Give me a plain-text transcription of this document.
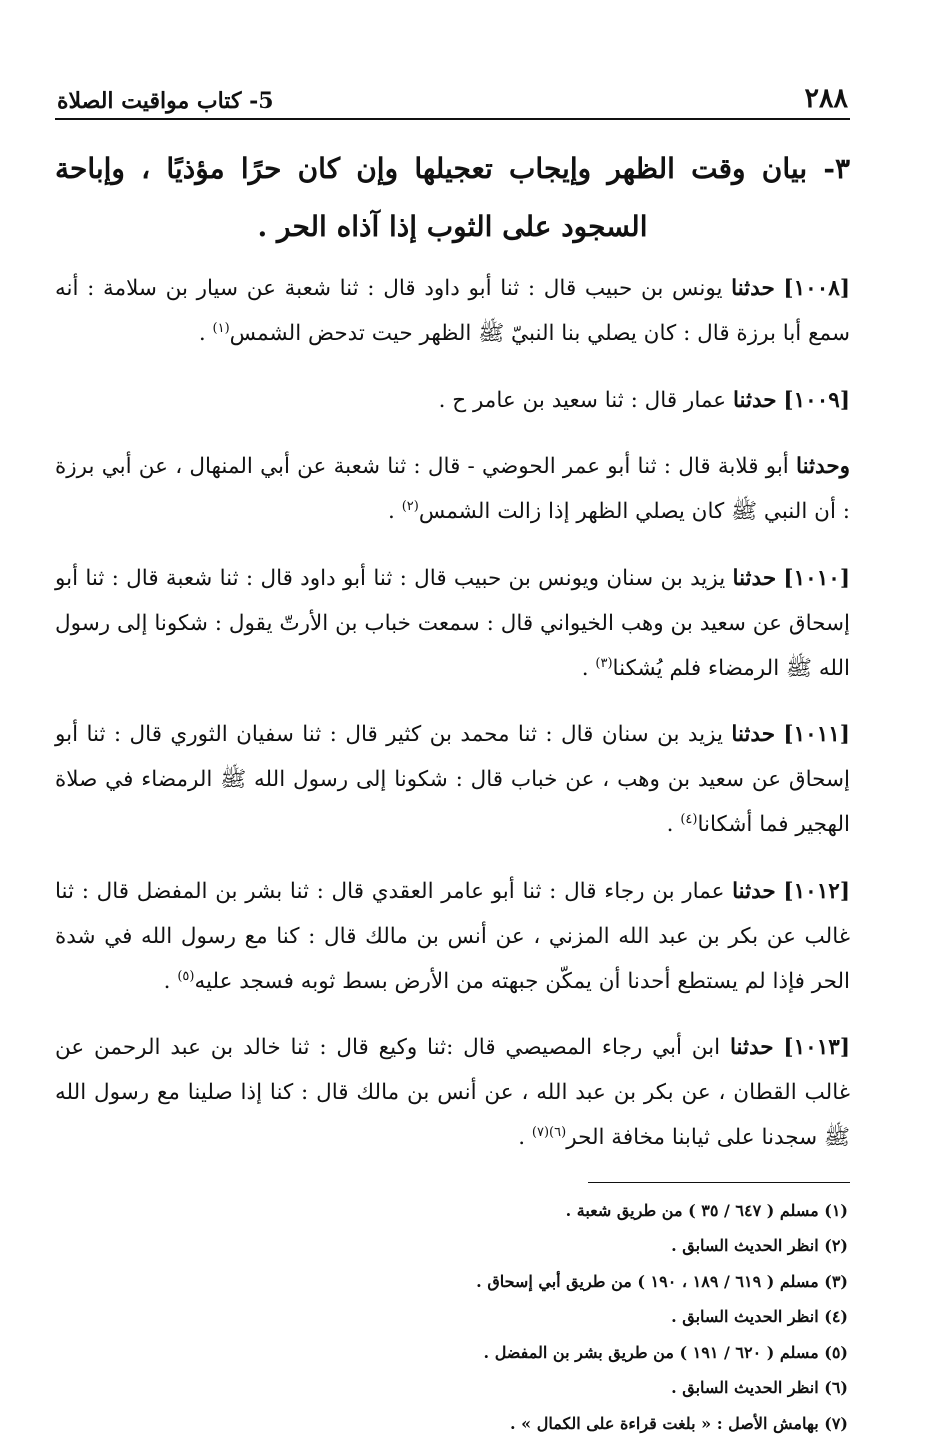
٢٨٨
5- كتاب مواقيت الصلاة
٣- بيان وقت الظهر وإيجاب تعجيلها وإن كان حرًا مؤذيًا ، وإباحة السجود على الثوب إذا آذاه الحر .

[١٠٠٨] حدثنا يونس بن حبيب قال : ثنا أبو داود قال : ثنا شعبة عن سيار بن سلامة : أنه سمع أبا برزة قال : كان يصلي بنا النبيّ ﷺ الظهر حيت تدحض الشمس$^{(١)}$ .

[١٠٠٩] حدثنا عمار قال : ثنا سعيد بن عامر ح .

وحدثنا أبو قلابة قال : ثنا أبو عمر الحوضي - قال : ثنا شعبة عن أبي المنهال ، عن أبي برزة : أن النبي ﷺ كان يصلي الظهر إذا زالت الشمس$^{(٢)}$ .

[١٠١٠] حدثنا يزيد بن سنان ويونس بن حبيب قال : ثنا أبو داود قال : ثنا شعبة قال : ثنا أبو إسحاق عن سعيد بن وهب الخيواني قال : سمعت خباب بن الأرتّ يقول : شكونا إلى رسول الله ﷺ الرمضاء فلم يُشكنا$^{(٣)}$ .

[١٠١١] حدثنا يزيد بن سنان قال : ثنا محمد بن كثير قال : ثنا سفيان الثوري قال : ثنا أبو إسحاق عن سعيد بن وهب ، عن خباب قال : شكونا إلى رسول الله ﷺ الرمضاء في صلاة الهجير فما أشكانا$^{(٤)}$ .

[١٠١٢] حدثنا عمار بن رجاء قال : ثنا أبو عامر العقدي قال : ثنا بشر بن المفضل قال : ثنا غالب عن بكر بن عبد الله المزني ، عن أنس بن مالك قال : كنا مع رسول الله في شدة الحر فإذا لم يستطع أحدنا أن يمكّن جبهته من الأرض بسط ثوبه فسجد عليه$^{(٥)}$ .

[١٠١٣] حدثنا ابن أبي رجاء المصيصي قال :ثنا وكيع قال : ثنا خالد بن عبد الرحمن عن غالب القطان ، عن بكر بن عبد الله ، عن أنس بن مالك قال : كنا إذا صلينا مع رسول الله ﷺ سجدنا على ثيابنا مخافة الحر$^{(٦)(٧)}$ .

(١) مسلم ( ٦٤٧ / ٣٥ ) من طريق شعبة .
(٢) انظر الحديث السابق .
(٣) مسلم ( ٦١٩ / ١٨٩ ، ١٩٠ ) من طريق أبي إسحاق .
(٤) انظر الحديث السابق .
(٥) مسلم ( ٦٢٠ / ١٩١ ) من طريق بشر بن المفضل .
(٦) انظر الحديث السابق .
(٧) بهامش الأصل : « بلغت قراءة على الكمال » .
